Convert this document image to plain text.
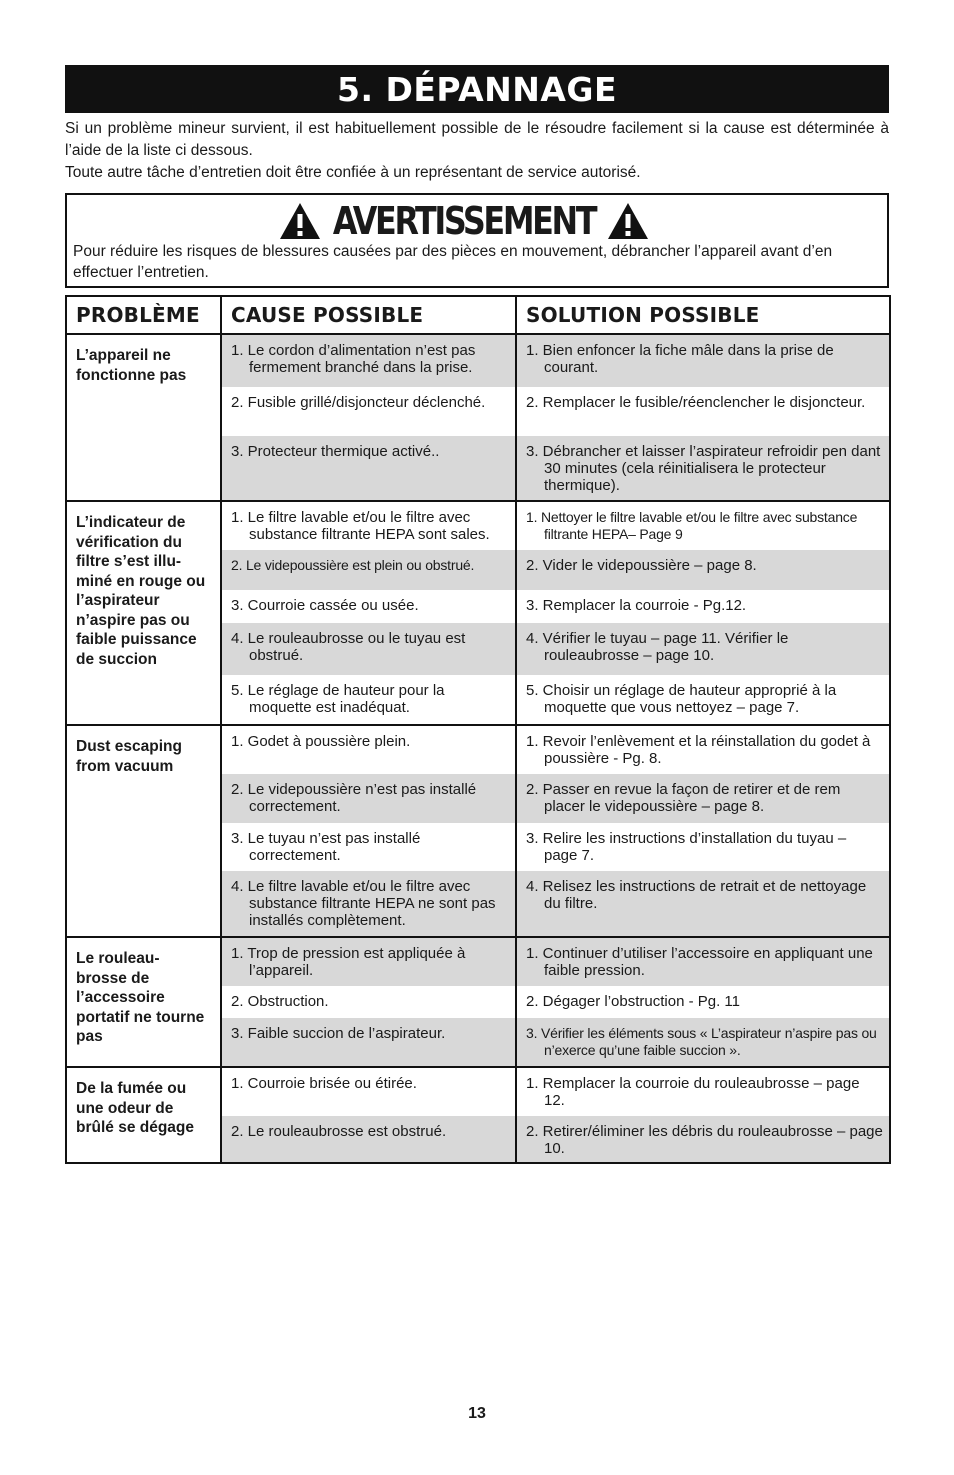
5. DÉPANNAGE

Si un problème mineur survient, il est habituellement possible de le résoudre facilement si la cause est déterminée à l’aide de la liste ci dessous.

Toute autre tâche d’entretien doit être confiée à un représentant de service autorisé.

AVERTISSEMENT
Pour réduire les risques de blessures causées par des pièces en mouvement, débrancher l’appareil avant d’en effectuer l’entretien.
PROBLÈME	CAUSE POSSIBLE	SOLUTION POSSIBLE
L’appareil ne fonctionne pas	1. Le cordon d’alimentation n’est pas fermement branché dans la prise.	1. Bien enfoncer la fiche mâle dans la prise de courant.

	2. Fusible grillé/disjoncteur déclenché.	2. Remplacer le fusible/réenclencher le disjoncteur.

	3. Protecteur thermique activé..	3. Débrancher et laisser l’aspirateur refroidir pen dant 30 minutes (cela réinitialisera le protecteur thermique).

L’indicateur de vérification du filtre s’est illu- miné en rouge ou l’aspirateur n’aspire pas ou faible puissance de succion	1. Le filtre lavable et/ou le filtre avec substance filtrante HEPA sont sales.	1. Nettoyer le filtre lavable et/ou le filtre avec substance filtrante HEPA– Page 9

	2. Le videpoussière est plein ou obstrué.	2. Vider le videpoussière – page 8.

	3. Courroie cassée ou usée.	3. Remplacer la courroie - Pg.12.

	4. Le rouleaubrosse ou le tuyau est obstrué.	4. Vérifier le tuyau – page 11. Vérifier le rouleaubrosse – page 10.

	5. Le réglage de hauteur pour la moquette est inadéquat.	5. Choisir un réglage de hauteur approprié à la moquette que vous nettoyez – page 7.

Dust escaping from vacuum	1. Godet à poussière plein.	1. Revoir l’enlèvement et la réinstallation du godet à poussière - Pg. 8.

	2. Le videpoussière n’est pas installé correctement.	2. Passer en revue la façon de retirer et de rem placer le videpoussière – page 8.

	3. Le tuyau n’est pas installé correctement.	3. Relire les instructions d’installation du tuyau – page 7.

	4. Le filtre lavable et/ou le filtre avec substance filtrante HEPA ne sont pas installés complètement.	4. Relisez les instructions de retrait et de nettoyage du filtre.

Le rouleau- brosse de l’accessoire portatif ne tourne pas	1. Trop de pression est appliquée à l’appareil.	1. Continuer d’utiliser l’accessoire en appliquant une faible pression.

	2. Obstruction.	2. Dégager l’obstruction - Pg. 11

	3. Faible succion de l’aspirateur.	3. Vérifier les éléments sous « L’aspirateur n’aspire pas ou n’exerce qu’une faible succion ».

De la fumée ou une odeur de brûlé se dégage	1. Courroie brisée ou étirée.	1. Remplacer la courroie du rouleaubrosse – page 12.

	2. Le rouleaubrosse est obstrué.	2. Retirer/éliminer les débris du rouleaubrosse – page 10.
13
